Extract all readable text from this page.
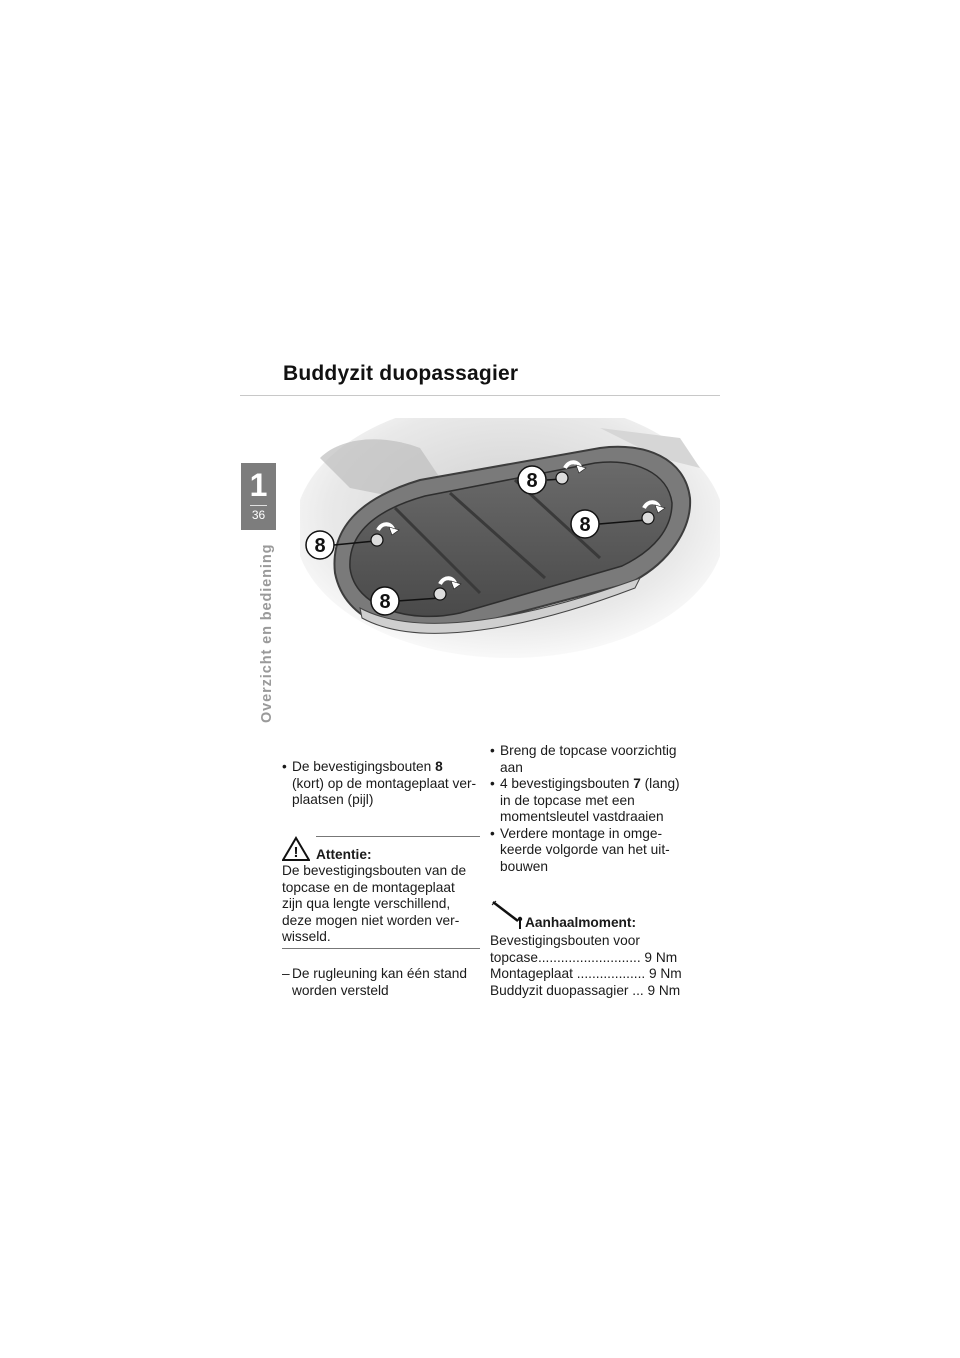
Buddyzit duopassagier
1
36
Overzicht en bediening 8
8
8
8
• De bevestigingsbouten 8
(kort) op de montageplaat ver-
plaatsen (pijl)
! Attentie:
De bevestigingsbouten van de
topcase en de montageplaat
zijn qua lengte verschillend,
deze mogen niet worden ver-
wisseld.
– De rugleuning kan één stand
worden versteld
• Breng de topcase voorzichtig
aan
• 4 bevestigingsbouten 7 (lang)
in de topcase met een
momentsleutel vastdraaien
• Verdere montage in omge-
keerde volgorde van het uit-
bouwen
Aanhaalmoment:
Bevestigingsbouten voor
topcase........................... 9 Nm
Montageplaat .................. 9 Nm
Buddyzit duopassagier ... 9 Nm
